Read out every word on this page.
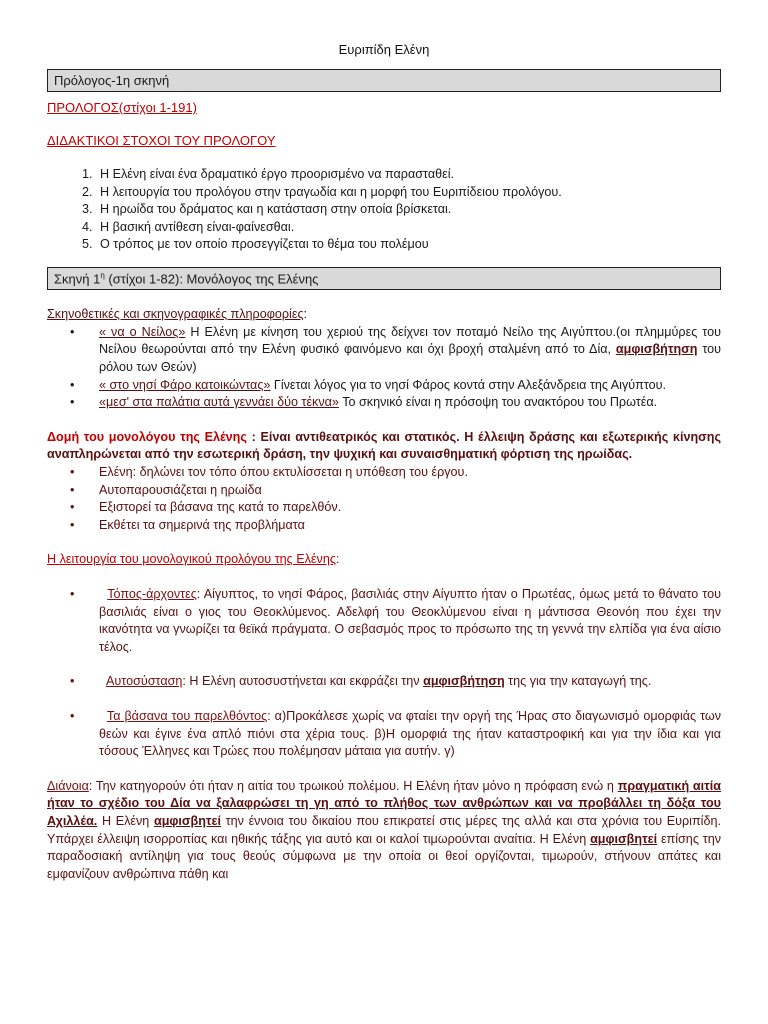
Ευριπίδη Ελένη
Πρόλογος-1η σκηνή
ΠΡΟΛΟΓΟΣ(στίχοι 1-191)
ΔΙΔΑΚΤΙΚΟΙ ΣΤΟΧΟΙ ΤΟΥ ΠΡΟΛΟΓΟΥ
1. Η Ελένη είναι ένα δραματικό έργο προορισμένο να παρασταθεί.
2. Η λειτουργία του προλόγου στην τραγωδία και η μορφή του Ευριπίδειου προλόγου.
3. Η ηρωίδα του δράματος και η κατάσταση στην οποία βρίσκεται.
4. Η βασική αντίθεση είναι-φαίνεσθαι.
5. Ο τρόπος με τον οποίο προσεγγίζεται το θέμα του πολέμου
Σκηνή $1^\eta$ (στίχοι 1-82): Μονόλογος της Ελένης
Σκηνοθετικές και σκηνογραφικές πληροφορίες:
• « να ο Νείλος» Η Ελένη με κίνηση του χεριού της δείχνει τον ποταμό Νείλο της Αιγύπτου.(οι πλημμύρες του Νείλου θεωρούνται από την Ελένη φυσικό φαινόμενο και όχι βροχή σταλμένη από το Δία, αμφισβήτηση του ρόλου των Θεών)
• « στο νησί Φάρο κατοικώντας» Γίνεται λόγος για το νησί Φάρος κοντά στην Αλεξάνδρεια της Αιγύπτου.
• «μεσ' στα παλάτια αυτά γεννάει δύο τέκνα» Το σκηνικό είναι η πρόσοψη του ανακτόρου του Πρωτέα.
Δομή του μονολόγου της Ελένης : Είναι αντιθεατρικός και στατικός. Η έλλειψη δράσης και εξωτερικής κίνησης αναπληρώνεται από την εσωτερική δράση, την ψυχική και συναισθηματική φόρτιση της ηρωίδας.
• Ελένη: δηλώνει τον τόπο όπου εκτυλίσσεται η υπόθεση του έργου.
• Αυτοπαρουσιάζεται η ηρωίδα
• Εξιστορεί τα βάσανα της κατά το παρελθόν.
• Εκθέτει τα σημερινά της προβλήματα
Η λειτουργία του μονολογικού προλόγου της Ελένης:
•	Τόπος-άρχοντες: Αίγυπτος, το νησί Φάρος, βασιλιάς στην Αίγυπτο ήταν ο Πρωτέας, όμως μετά το θάνατο του βασιλιάς είναι ο γιος του Θεοκλύμενος. Αδελφή του Θεοκλύμενου είναι η μάντισσα Θεονόη που έχει την ικανότητα να γνωρίζει τα θεϊκά πράγματα. Ο σεβασμός προς το πρόσωπο της τη γεννά την ελπίδα για ένα αίσιο τέλος.
•	Αυτοσύσταση: Η Ελένη αυτοσυστήνεται και εκφράζει την αμφισβήτηση της για την καταγωγή της.
•	Τα βάσανα του παρελθόντος: α)Προκάλεσε χωρίς να φταίει την οργή της Ήρας στο διαγωνισμό ομορφιάς των θεών και έγινε ένα απλό πιόνι στα χέρια τους. β)Η ομορφιά της ήταν καταστροφική και για την ίδια και για τόσους Έλληνες και Τρώες που πολέμησαν μάταια για αυτήν. γ)
Διάνοια: Την κατηγορούν ότι ήταν η αιτία του τρωικού πολέμου. Η Ελένη ήταν μόνο η πρόφαση ενώ η πραγματική αιτία ήταν το σχέδιο του Δία να ξαλαφρώσει τη γη από το πλήθος των ανθρώπων και να προβάλλει τη δόξα του Αχιλλέα. Η Ελένη αμφισβητεί την έννοια του δικαίου που επικρατεί στις μέρες της αλλά και στα χρόνια του Ευριπίδη. Υπάρχει έλλειψη ισορροπίας και ηθικής τάξης για αυτό και οι καλοί τιμωρούνται αναίτια. Η Ελένη αμφισβητεί επίσης την παραδοσιακή αντίληψη για τους θεούς σύμφωνα με την οποία οι θεοί οργίζονται, τιμωρούν, στήνουν απάτες και εμφανίζουν ανθρώπινα πάθη και
